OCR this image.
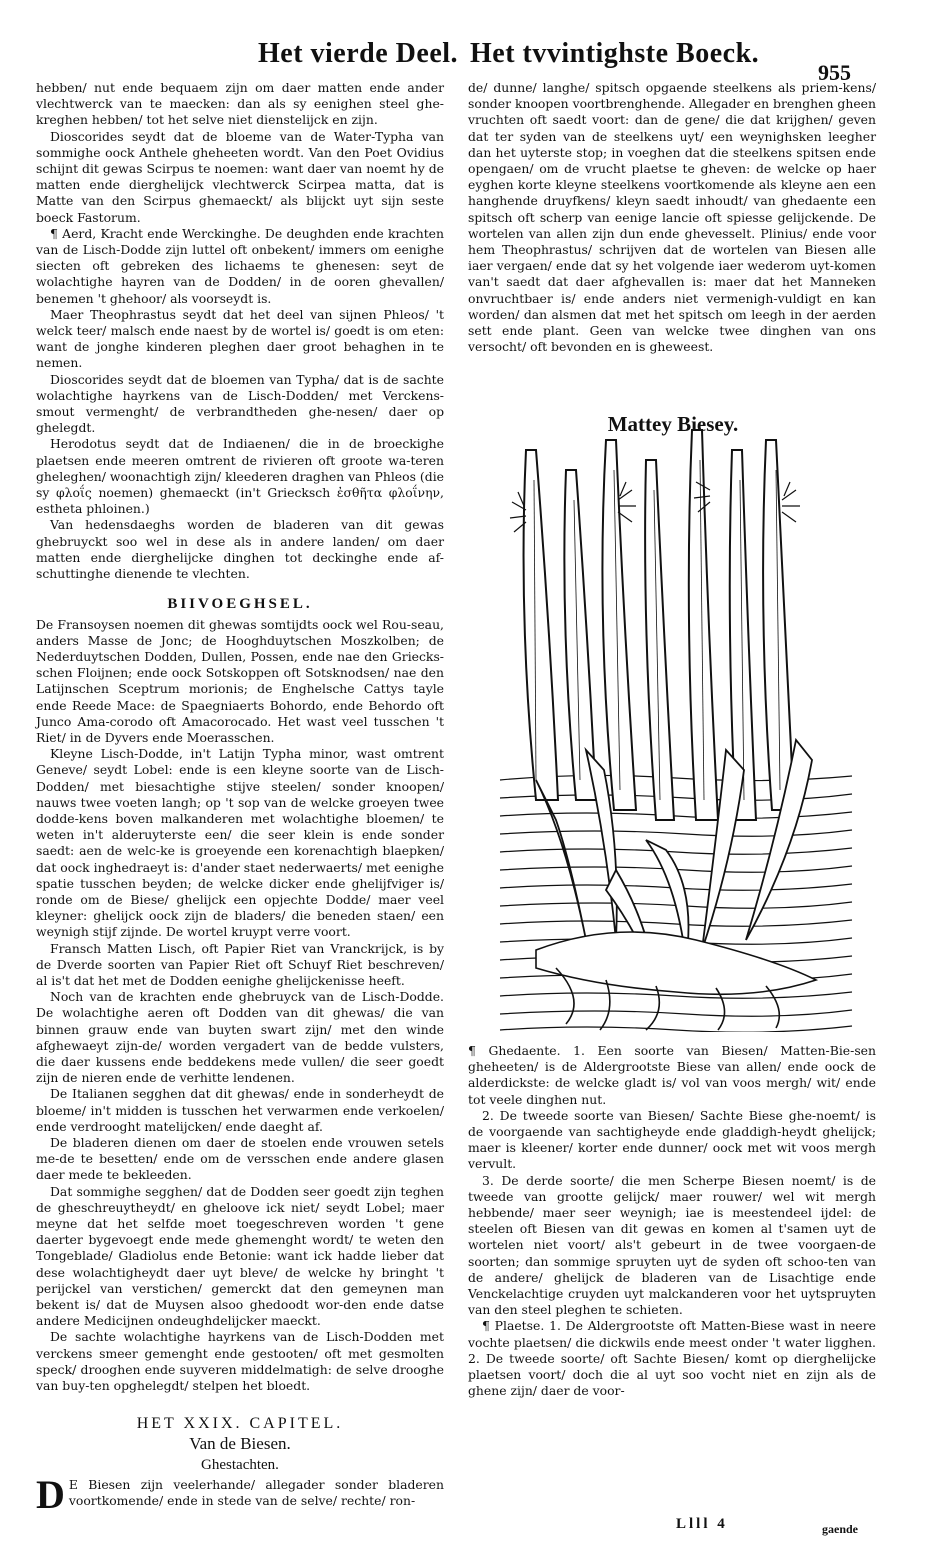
Het vierde Deel. Het tvvintighste Boeck.
955

hebben/ nut ende bequaem zijn om daer matten ende ander vlechtwerck van te maecken: dan als sy eenighen steel ghe-kreghen hebben/ tot het selve niet dienstelijck en zijn.

Dioscorides seydt dat de bloeme van de Water-Typha van sommighe oock Anthele gheheeten wordt. Van den Poet Ovidius schijnt dit gewas Scirpus te noemen: want daer van noemt hy de matten ende dierghelijck vlechtwerck Scirpea matta, dat is Matte van den Scirpus ghemaeckt/ als blijckt uyt sijn seste boeck Fastorum.

¶ Aerd, Kracht ende Werckinghe. De deughden ende krachten van de Lisch-Dodde zijn luttel oft onbekent/ immers om eenighe siecten oft gebreken des lichaems te ghenesen: seyt de wolachtighe hayren van de Dodden/ in de ooren ghevallen/ benemen 't ghehoor/ als voorseydt is.

Maer Theophrastus seydt dat het deel van sijnen Phleos/ 't welck teer/ malsch ende naest by de wortel is/ goedt is om eten: want de jonghe kinderen pleghen daer groot behaghen in te nemen.

Dioscorides seydt dat de bloemen van Typha/ dat is de sachte wolachtighe hayrkens van de Lisch-Dodden/ met Verckens-smout vermenght/ de verbrandtheden ghe-nesen/ daer op ghelegdt.

Herodotus seydt dat de Indiaenen/ die in de broeckighe plaetsen ende meeren omtrent de rivieren oft groote wa-teren gheleghen/ woonachtigh zijn/ kleederen draghen van Phleos (die sy φλοΐς noemen) ghemaeckt (in't Griecksch ἐσθῆτα φλοΐνην, estheta phloinen.)

Van hedensdaeghs worden de bladeren van dit gewas ghebruyckt soo wel in dese als in andere landen/ om daer matten ende dierghelijcke dinghen tot deckinghe ende af-schuttinghe dienende te vlechten.

BIIVOEGHSEL.

De Fransoysen noemen dit ghewas somtijdts oock wel Rou-seau, anders Masse de Jonc; de Hooghduytschen Moszkolben; de Nederduytschen Dodden, Dullen, Possen, ende nae den Griecks-schen Floijnen; ende oock Sotskoppen oft Sotsknodsen/ nae den Latijnschen Sceptrum morionis; de Enghelsche Cattys tayle ende Reede Mace: de Spaegniaerts Bohordo, ende Behordo oft Junco Ama-corodo oft Amacorocado. Het wast veel tusschen 't Riet/ in de Dyvers ende Moerasschen.

Kleyne Lisch-Dodde, in't Latijn Typha minor, wast omtrent Geneve/ seydt Lobel: ende is een kleyne soorte van de Lisch-Dodden/ met biesachtighe stijve steelen/ sonder knoopen/ nauws twee voeten langh; op 't sop van de welcke groeyen twee dodde-kens boven malkanderen met wolachtighe bloemen/ te weten in't alderuyterste een/ die seer klein is ende sonder saedt: aen de welc-ke is groeyende een korenachtigh blaepken/ dat oock inghedraeyt is: d'ander staet nederwaerts/ met eenighe spatie tusschen beyden; de welcke dicker ende ghelijfviger is/ ronde om de Biese/ ghelijck een opjechte Dodde/ maer veel kleyner: ghelijck oock zijn de bladers/ die beneden staen/ een weynigh stijf zijnde. De wortel kruypt verre voort.

Fransch Matten Lisch, oft Papier Riet van Vranckrijck, is by de Dverde soorten van Papier Riet oft Schuyf Riet beschreven/ al is't dat het met de Dodden eenighe ghelijckenisse heeft.

Noch van de krachten ende ghebruyck van de Lisch-Dodde. De wolachtighe aeren oft Dodden van dit ghewas/ die van binnen grauw ende van buyten swart zijn/ met den winde afghewaeyt zijn-de/ worden vergadert van de bedde vulsters, die daer kussens ende beddekens mede vullen/ die seer goedt zijn de nieren ende de verhitte lendenen.

De Italianen segghen dat dit ghewas/ ende in sonderheydt de bloeme/ in't midden is tusschen het verwarmen ende verkoelen/ ende verdrooght matelijcken/ ende daeght af.

De bladeren dienen om daer de stoelen ende vrouwen setels me-de te besetten/ ende om de versschen ende andere glasen daer mede te bekleeden.

Dat sommighe segghen/ dat de Dodden seer goedt zijn teghen de gheschreuytheydt/ en gheloove ick niet/ seydt Lobel; maer meyne dat het selfde moet toegeschreven worden 't gene daerter bygevoegt ende mede ghemenght wordt/ te weten den Tongeblade/ Gladiolus ende Betonie: want ick hadde lieber dat dese wolachtigheydt daer uyt bleve/ de welcke hy bringht 't perijckel van verstichen/ gemerckt dat den gemeynen man bekent is/ dat de Muysen alsoo ghedoodt wor-den ende datse andere Medicijnen ondeughdelijcker maeckt.

De sachte wolachtighe hayrkens van de Lisch-Dodden met verckens smeer gemenght ende gestooten/ oft met gesmolten speck/ drooghen ende suyveren middelmatigh: de selve drooghe van buy-ten opghelegdt/ stelpen het bloedt.

HET XXIX. CAPITEL.
Van de Biesen.
Ghestachten.

D E Biesen zijn veelerhande/ allegader sonder bladeren voortkomende/ ende in stede van de selve/ rechte/ ron-

de/ dunne/ langhe/ spitsch opgaende steelkens als priem-kens/ sonder knoopen voortbrenghende. Allegader en brenghen gheen vruchten oft saedt voort: dan de gene/ die dat krijghen/ geven dat ter syden van de steelkens uyt/ een weynighsken leegher dan het uyterste stop; in voeghen dat die steelkens spitsen ende opengaen/ om de vrucht plaetse te gheven: de welcke op haer eyghen korte kleyne steelkens voortkomende als kleyne aen een hanghende druyfkens/ kleyn saedt inhoudt/ van ghedaente een spitsch oft scherp van eenige lancie oft spiesse gelijckende. De wortelen van allen zijn dun ende ghevesselt. Plinius/ ende voor hem Theophrastus/ schrijven dat de wortelen van Biesen alle iaer vergaen/ ende dat sy het volgende iaer wederom uyt-komen van't saedt dat daer afghevallen is: maer dat het Manneken onvruchtbaer is/ ende anders niet vermenigh-vuldigt en kan worden/ dan alsmen dat met het spitsch om leegh in der aerden sett ende plant. Geen van welcke twee dinghen van ons versocht/ oft bevonden en is gheweest.

Mattey Biesey.

¶ Ghedaente. 1. Een soorte van Biesen/ Matten-Bie-sen gheheeten/ is de Aldergrootste Biese van allen/ ende oock de alderdickste: de welcke gladt is/ vol van voos mergh/ wit/ ende tot veele dinghen nut.

2. De tweede soorte van Biesen/ Sachte Biese ghe-noemt/ is de voorgaende van sachtigheyde ende gladdigh-heydt ghelijck; maer is kleener/ korter ende dunner/ oock met wit voos mergh vervult.

3. De derde soorte/ die men Scherpe Biesen noemt/ is de tweede van grootte gelijck/ maer rouwer/ wel wit mergh hebbende/ maer seer weynigh; iae is meestendeel ijdel: de steelen oft Biesen van dit gewas en komen al t'samen uyt de wortelen niet voort/ als't gebeurt in de twee voorgaen-de soorten; dan sommige spruyten uyt de syden oft schoo-ten van de andere/ ghelijck de bladeren van de Lisachtige ende Venckelachtige cruyden uyt malckanderen voor het uytspruyten van den steel pleghen te schieten.

¶ Plaetse. 1. De Aldergrootste oft Matten-Biese wast in neere vochte plaetsen/ die dickwils ende meest onder 't water ligghen. 2. De tweede soorte/ oft Sachte Biesen/ komt op dierghelijcke plaetsen voort/ doch die al uyt soo vocht niet en zijn als de ghene zijn/ daer de voor-

Llll 4	gaende
